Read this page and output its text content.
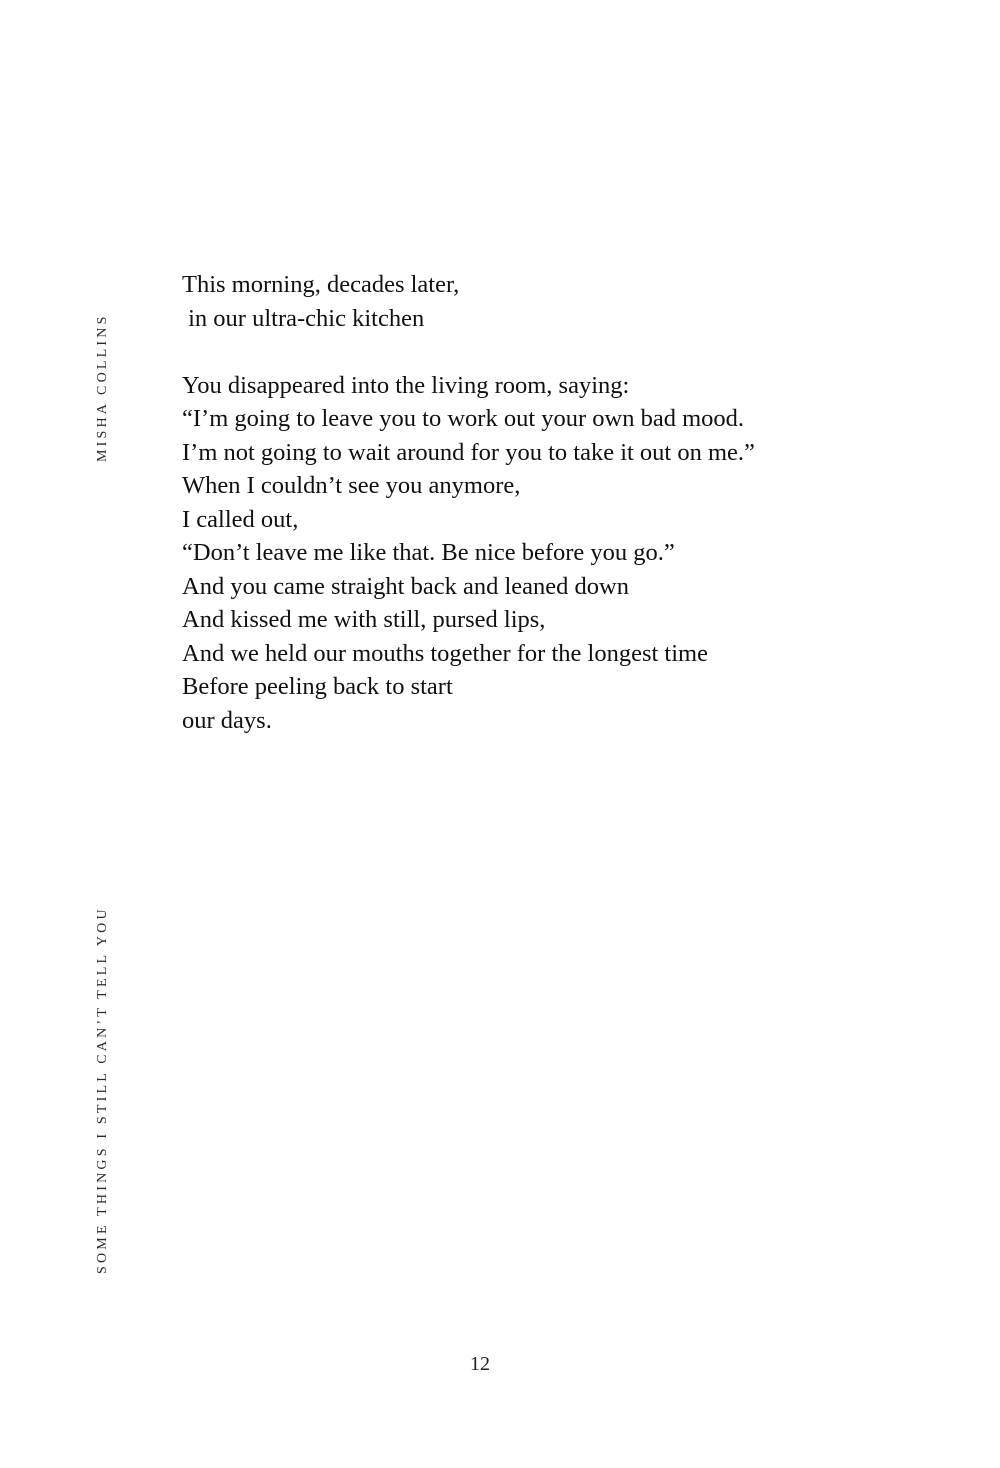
MISHA COLLINS
SOME THINGS I STILL CAN’T TELL YOU
This morning, decades later,
in our ultra-chic kitchen
You disappeared into the living room, saying:
“I’m going to leave you to work out your own bad mood.
I’m not going to wait around for you to take it out on me.”
When I couldn’t see you anymore,
I called out,
“Don’t leave me like that. Be nice before you go.”
And you came straight back and leaned down
And kissed me with still, pursed lips,
And we held our mouths together for the longest time
Before peeling back to start
our days.
12
